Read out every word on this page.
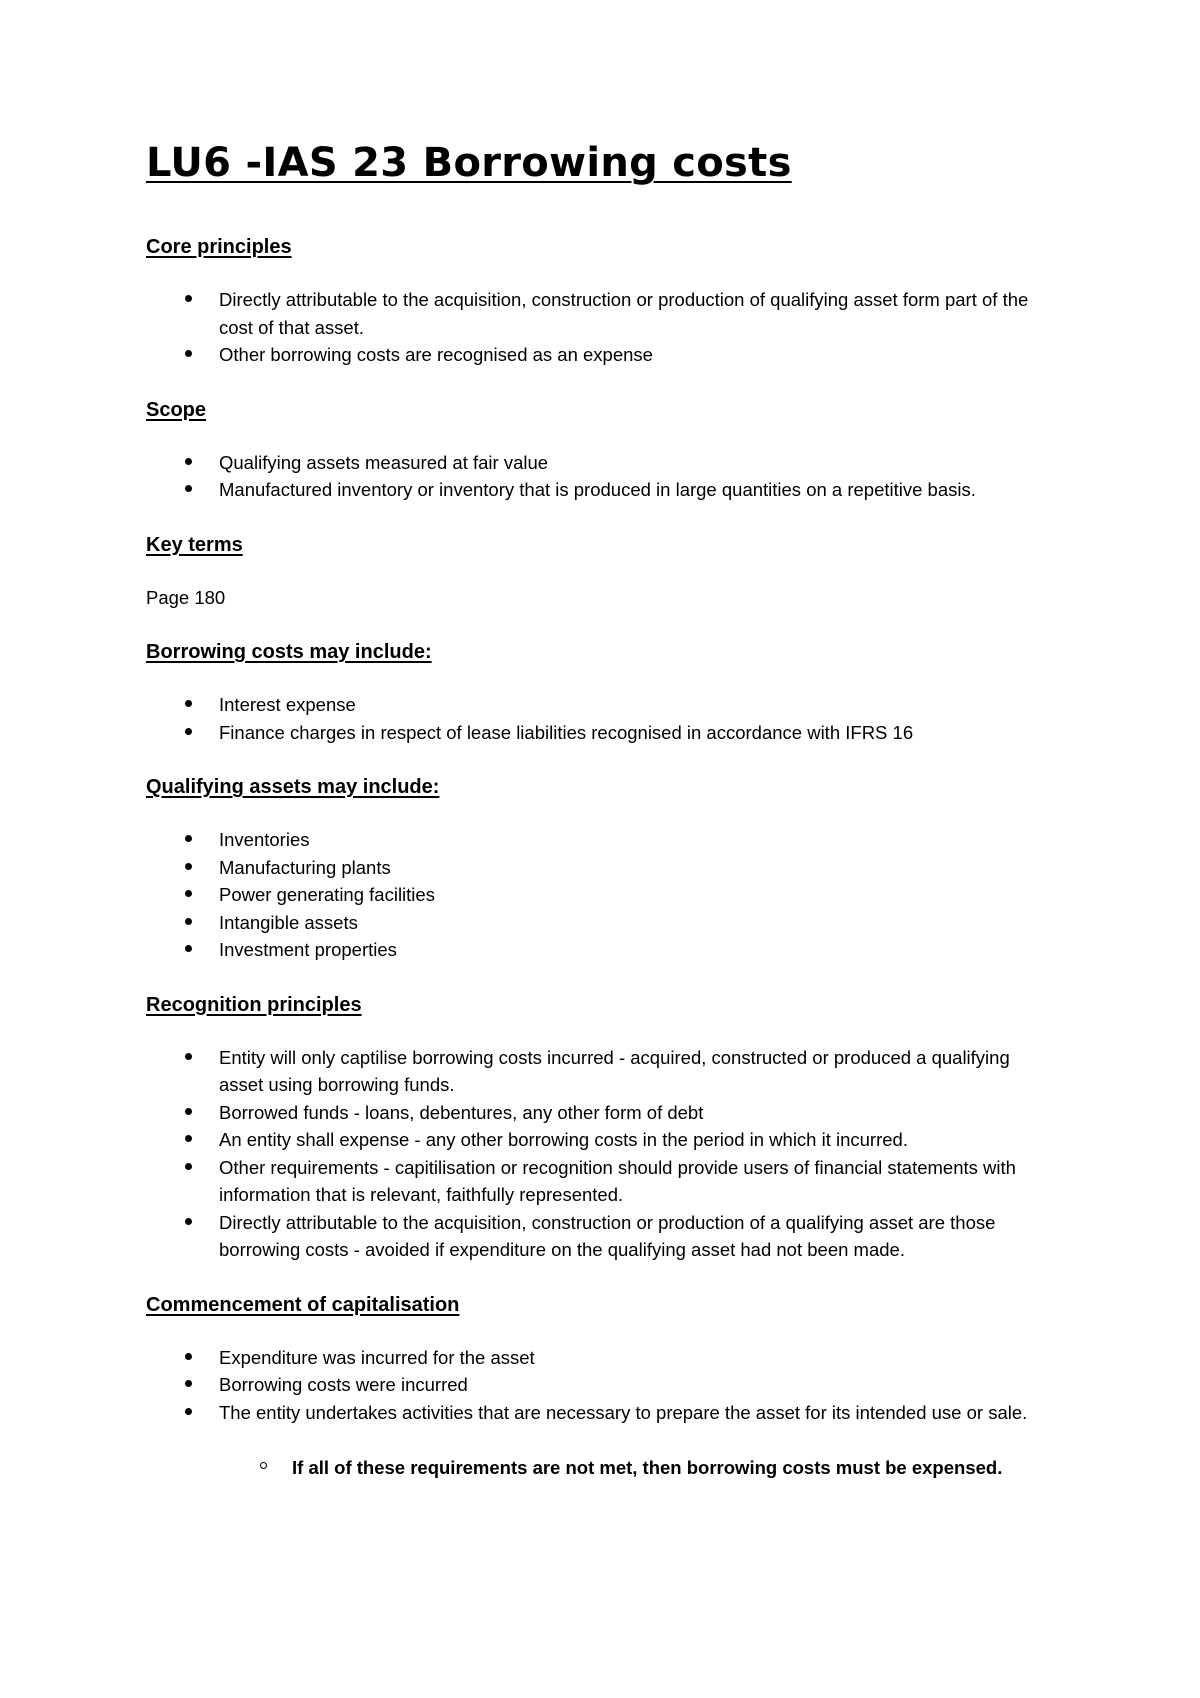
LU6 -IAS 23 Borrowing costs
Core principles
Directly attributable to the acquisition, construction or production of qualifying asset form part of the cost of that asset.
Other borrowing costs are recognised as an expense
Scope
Qualifying assets measured at fair value
Manufactured inventory or inventory that is produced in large quantities on a repetitive basis.
Key terms

Page 180

Borrowing costs may include:
Interest expense
Finance charges in respect of lease liabilities recognised in accordance with IFRS 16
Qualifying assets may include:
Inventories
Manufacturing plants
Power generating facilities
Intangible assets
Investment properties
Recognition principles
Entity will only captilise borrowing costs incurred - acquired, constructed or produced a qualifying asset using borrowing funds.
Borrowed funds - loans, debentures, any other form of debt
An entity shall expense - any other borrowing costs in the period in which it incurred.
Other requirements - capitilisation or recognition should provide users of financial statements with information that is relevant, faithfully represented.
Directly attributable to the acquisition, construction or production of a qualifying asset are those borrowing costs - avoided if expenditure on the qualifying asset had not been made.
Commencement of capitalisation
Expenditure was incurred for the asset
Borrowing costs were incurred
The entity undertakes activities that are necessary to prepare the asset for its intended use or sale.
If all of these requirements are not met, then borrowing costs must be expensed.
